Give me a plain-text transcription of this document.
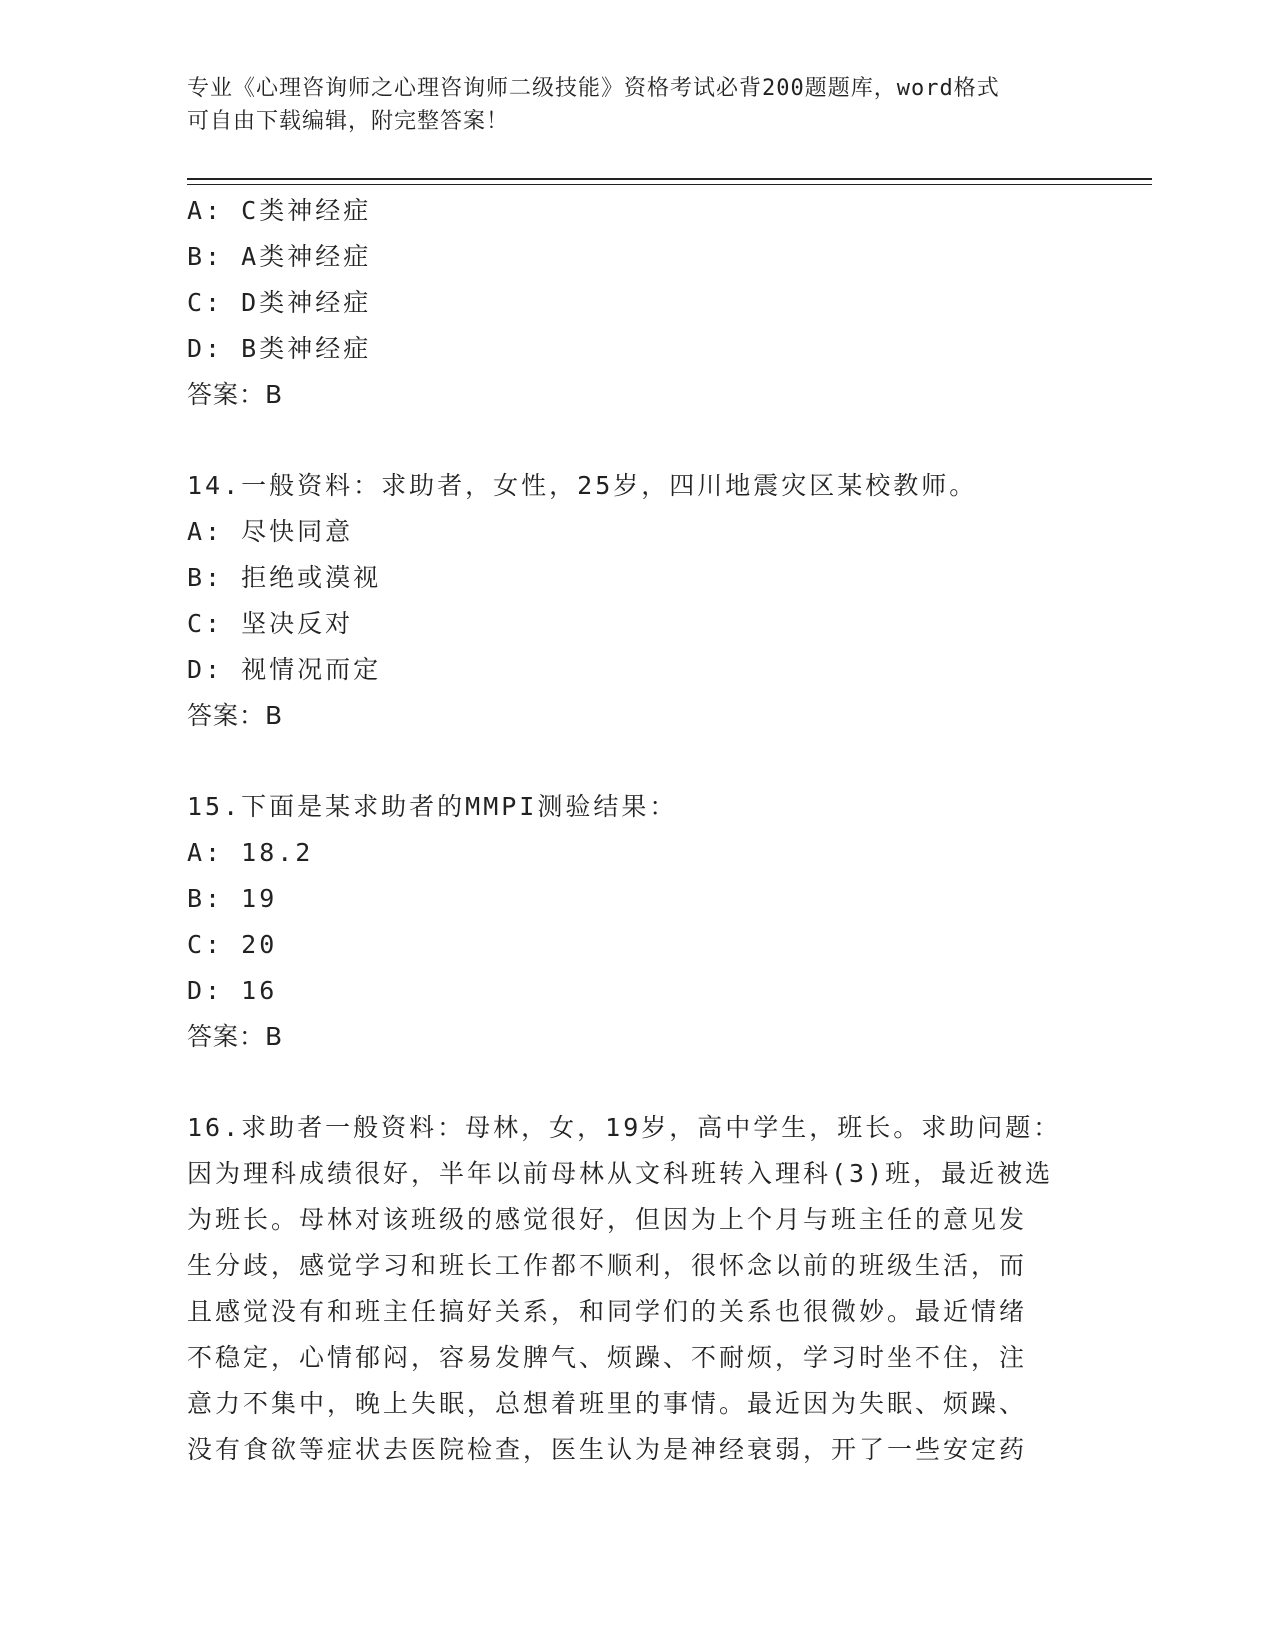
专业《心理咨询师之心理咨询师二级技能》资格考试必背200题题库，word格式
可自由下载编辑，附完整答案！
A: C类神经症
B: A类神经症
C: D类神经症
D: B类神经症
答案：B
14.一般资料：求助者，女性，25岁，四川地震灾区某校教师。
A: 尽快同意
B: 拒绝或漠视
C: 坚决反对
D: 视情况而定
答案：B
15.下面是某求助者的MMPI测验结果：
A: 18.2
B: 19
C: 20
D: 16
答案：B
16.求助者一般资料：母林，女，19岁，高中学生，班长。求助问题：
因为理科成绩很好，半年以前母林从文科班转入理科(3)班，最近被选
为班长。母林对该班级的感觉很好，但因为上个月与班主任的意见发
生分歧，感觉学习和班长工作都不顺利，很怀念以前的班级生活，而
且感觉没有和班主任搞好关系，和同学们的关系也很微妙。最近情绪
不稳定，心情郁闷，容易发脾气、烦躁、不耐烦，学习时坐不住，注
意力不集中，晚上失眠，总想着班里的事情。最近因为失眠、烦躁、
没有食欲等症状去医院检查，医生认为是神经衰弱，开了一些安定药
